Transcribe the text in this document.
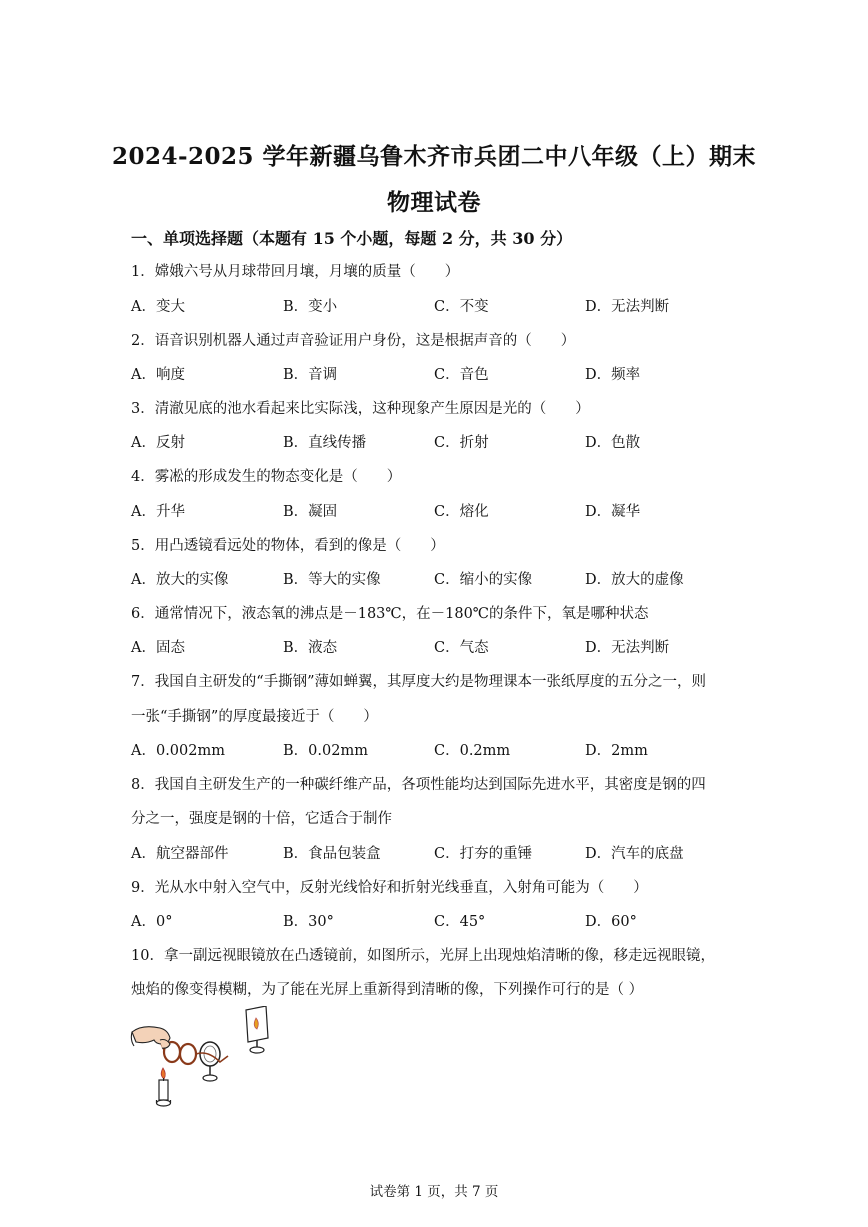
2024-2025 学年新疆乌鲁木齐市兵团二中八年级（上）期末
物理试卷
一、单项选择题（本题有 15 个小题，每题 2 分，共 30 分）
1．嫦娥六号从月球带回月壤，月壤的质量（　　）
A．变大	B．变小	C．不变	D．无法判断
2．语音识别机器人通过声音验证用户身份，这是根据声音的（　　）
A．响度	B．音调	C．音色	D．频率
3．清澈见底的池水看起来比实际浅，这种现象产生原因是光的（　　）
A．反射	B．直线传播	C．折射	D．色散
4．雾凇的形成发生的物态变化是（　　）
A．升华	B．凝固	C．熔化	D．凝华
5．用凸透镜看远处的物体，看到的像是（　　）
A．放大的实像	B．等大的实像	C．缩小的实像	D．放大的虚像
6．通常情况下，液态氧的沸点是－183℃，在－180℃的条件下，氧是哪种状态
A．固态	B．液态	C．气态	D．无法判断
7．我国自主研发的“手撕钢”薄如蝉翼，其厚度大约是物理课本一张纸厚度的五分之一，则
一张“手撕钢”的厚度最接近于（　　）
A．0.002mm	B．0.02mm	C．0.2mm	D．2mm
8．我国自主研发生产的一种碳纤维产品，各项性能均达到国际先进水平，其密度是钢的四
分之一，强度是钢的十倍，它适合于制作
A．航空器部件	B．食品包装盒	C．打夯的重锤	D．汽车的底盘
9．光从水中射入空气中，反射光线恰好和折射光线垂直，入射角可能为（　　）
A．0°	B．30°	C．45°	D．60°
10．拿一副远视眼镜放在凸透镜前，如图所示，光屏上出现烛焰清晰的像，移走远视眼镜，
烛焰的像变得模糊，为了能在光屏上重新得到清晰的像，下列操作可行的是（ ）
试卷第 1 页，共 7 页
